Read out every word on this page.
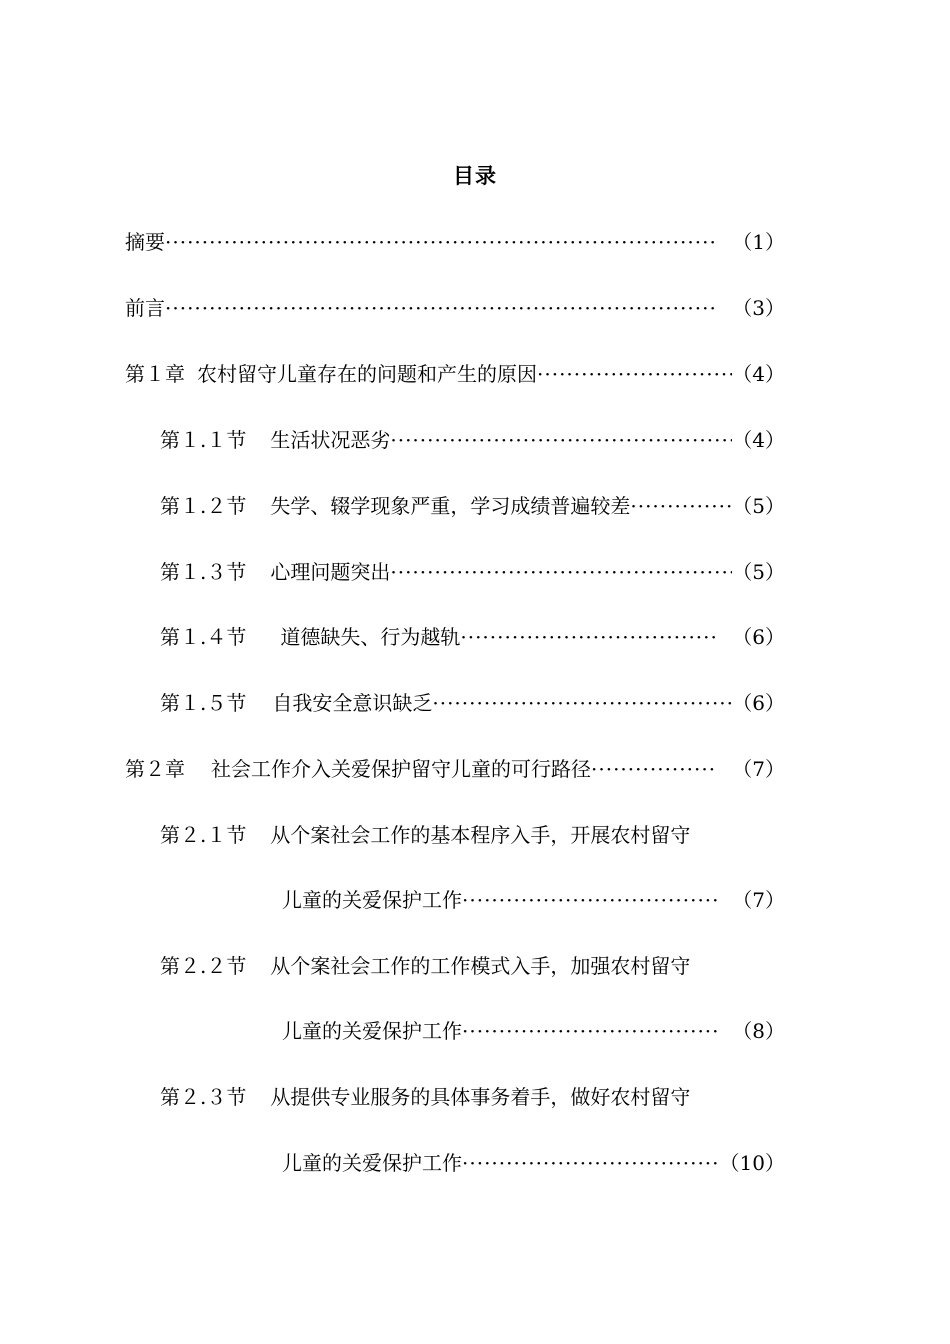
目录
摘要 ·····	（1）
前言 ·····	（3）
第１章 农村留守儿童存在的问题和产生的原因 ·····	（4）
第１.１节 生活状况恶劣 ·····	（4）
第１.２节 失学、辍学现象严重，学习成绩普遍较差 ·····	（5）
第１.３节 心理问题突出 ·····	（5）
第１.４节 道德缺失、行为越轨 ·····	（6）
第１.５节 自我安全意识缺乏 ·····	（6）
第２章 社会工作介入关爱保护留守儿童的可行路径 ·····	（7）
第２.１节 从个案社会工作的基本程序入手，开展农村留守
儿童的关爱保护工作 ·····	（7）
第２.２节 从个案社会工作的工作模式入手，加强农村留守
儿童的关爱保护工作 ·····	（8）
第２.３节 从提供专业服务的具体事务着手，做好农村留守
儿童的关爱保护工作 ·····	（10）
